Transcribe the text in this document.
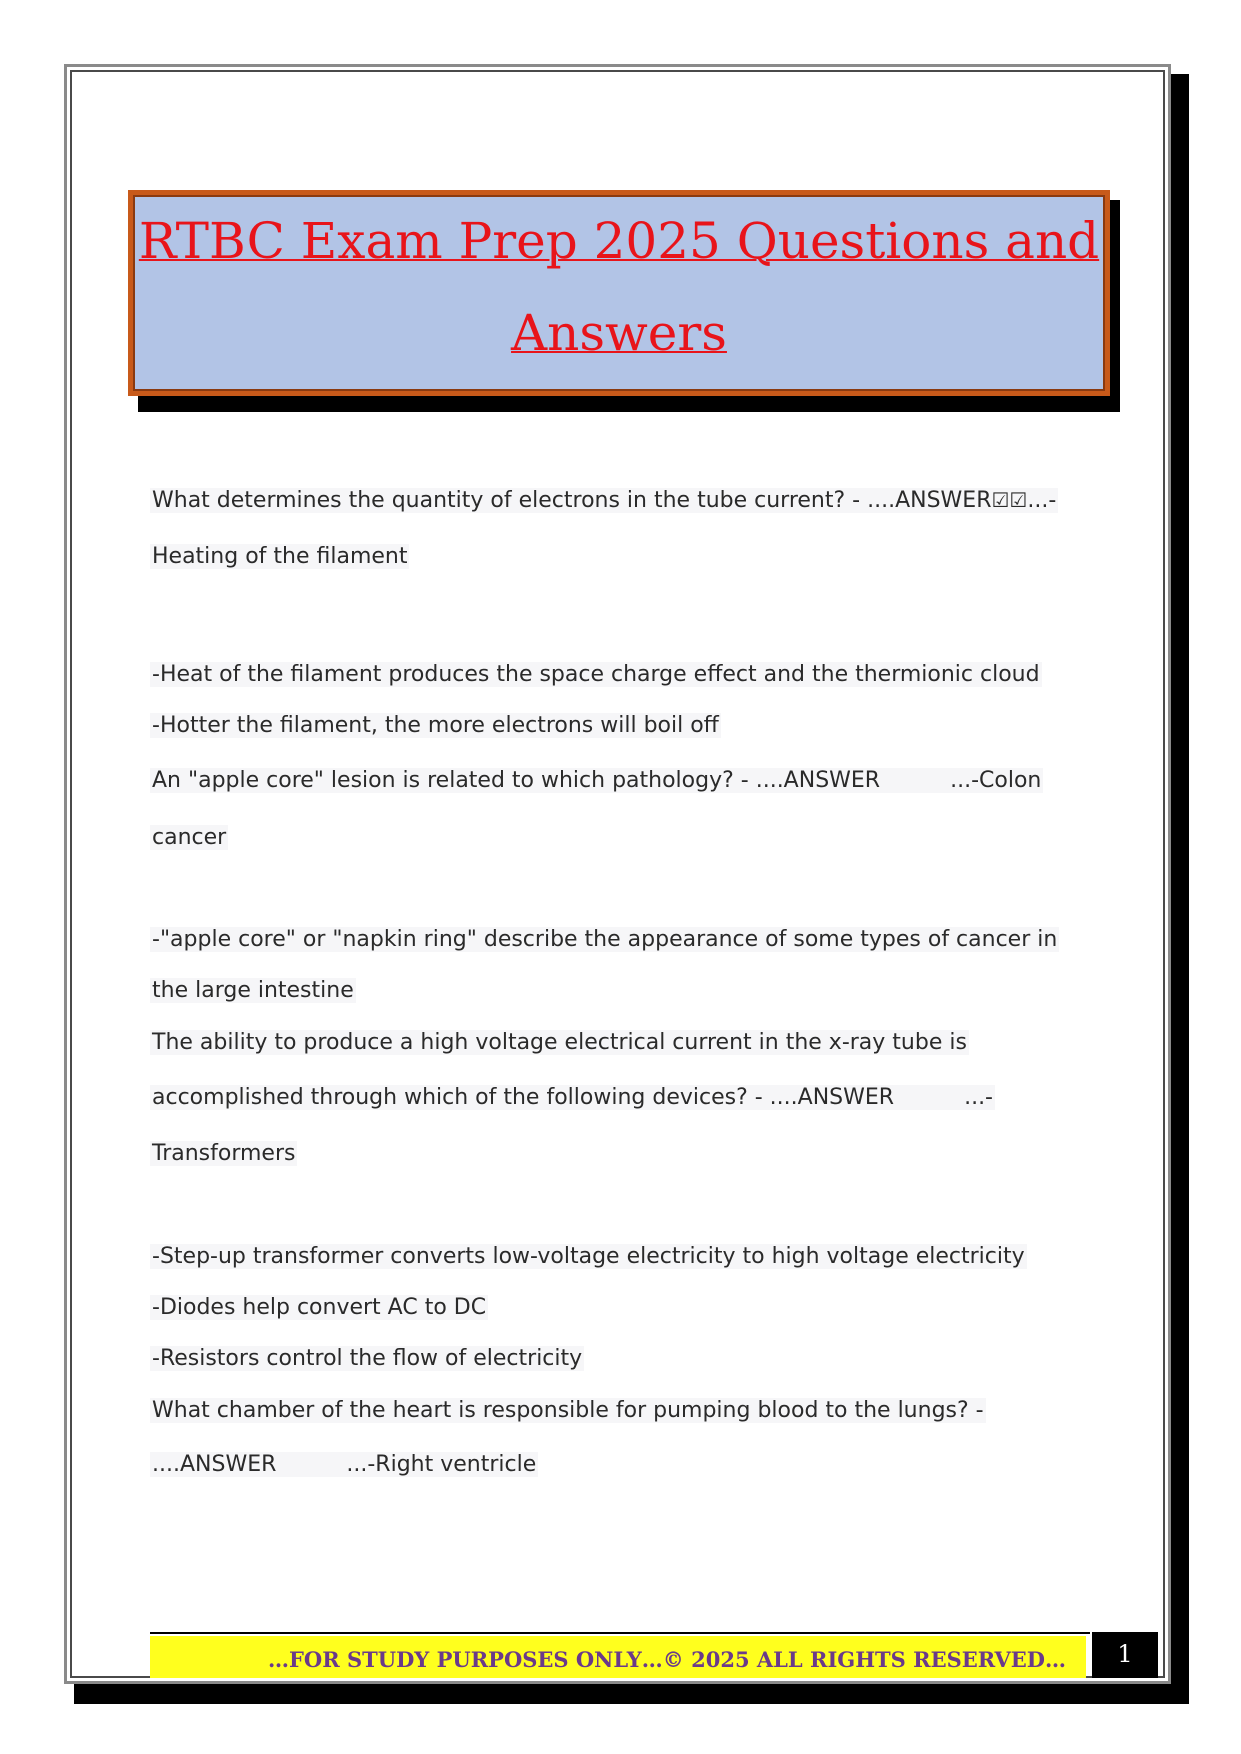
RTBC Exam Prep 2025 Questions and
Answers
What determines the quantity of electrons in the tube current? - ....ANSWER☑☑...-
Heating of the filament
-Heat of the filament produces the space charge effect and the thermionic cloud
-Hotter the filament, the more electrons will boil off
An "apple core" lesion is related to which pathology? - ....ANSWER	...-Colon
cancer
-"apple core" or "napkin ring" describe the appearance of some types of cancer in
the large intestine
The ability to produce a high voltage electrical current in the x-ray tube is
accomplished through which of the following devices? - ....ANSWER	...-
Transformers
-Step-up transformer converts low-voltage electricity to high voltage electricity
-Diodes help convert AC to DC
-Resistors control the flow of electricity
What chamber of the heart is responsible for pumping blood to the lungs? -
....ANSWER	...-Right ventricle
…FOR STUDY PURPOSES ONLY…© 2025 ALL RIGHTS RESERVED…	1
